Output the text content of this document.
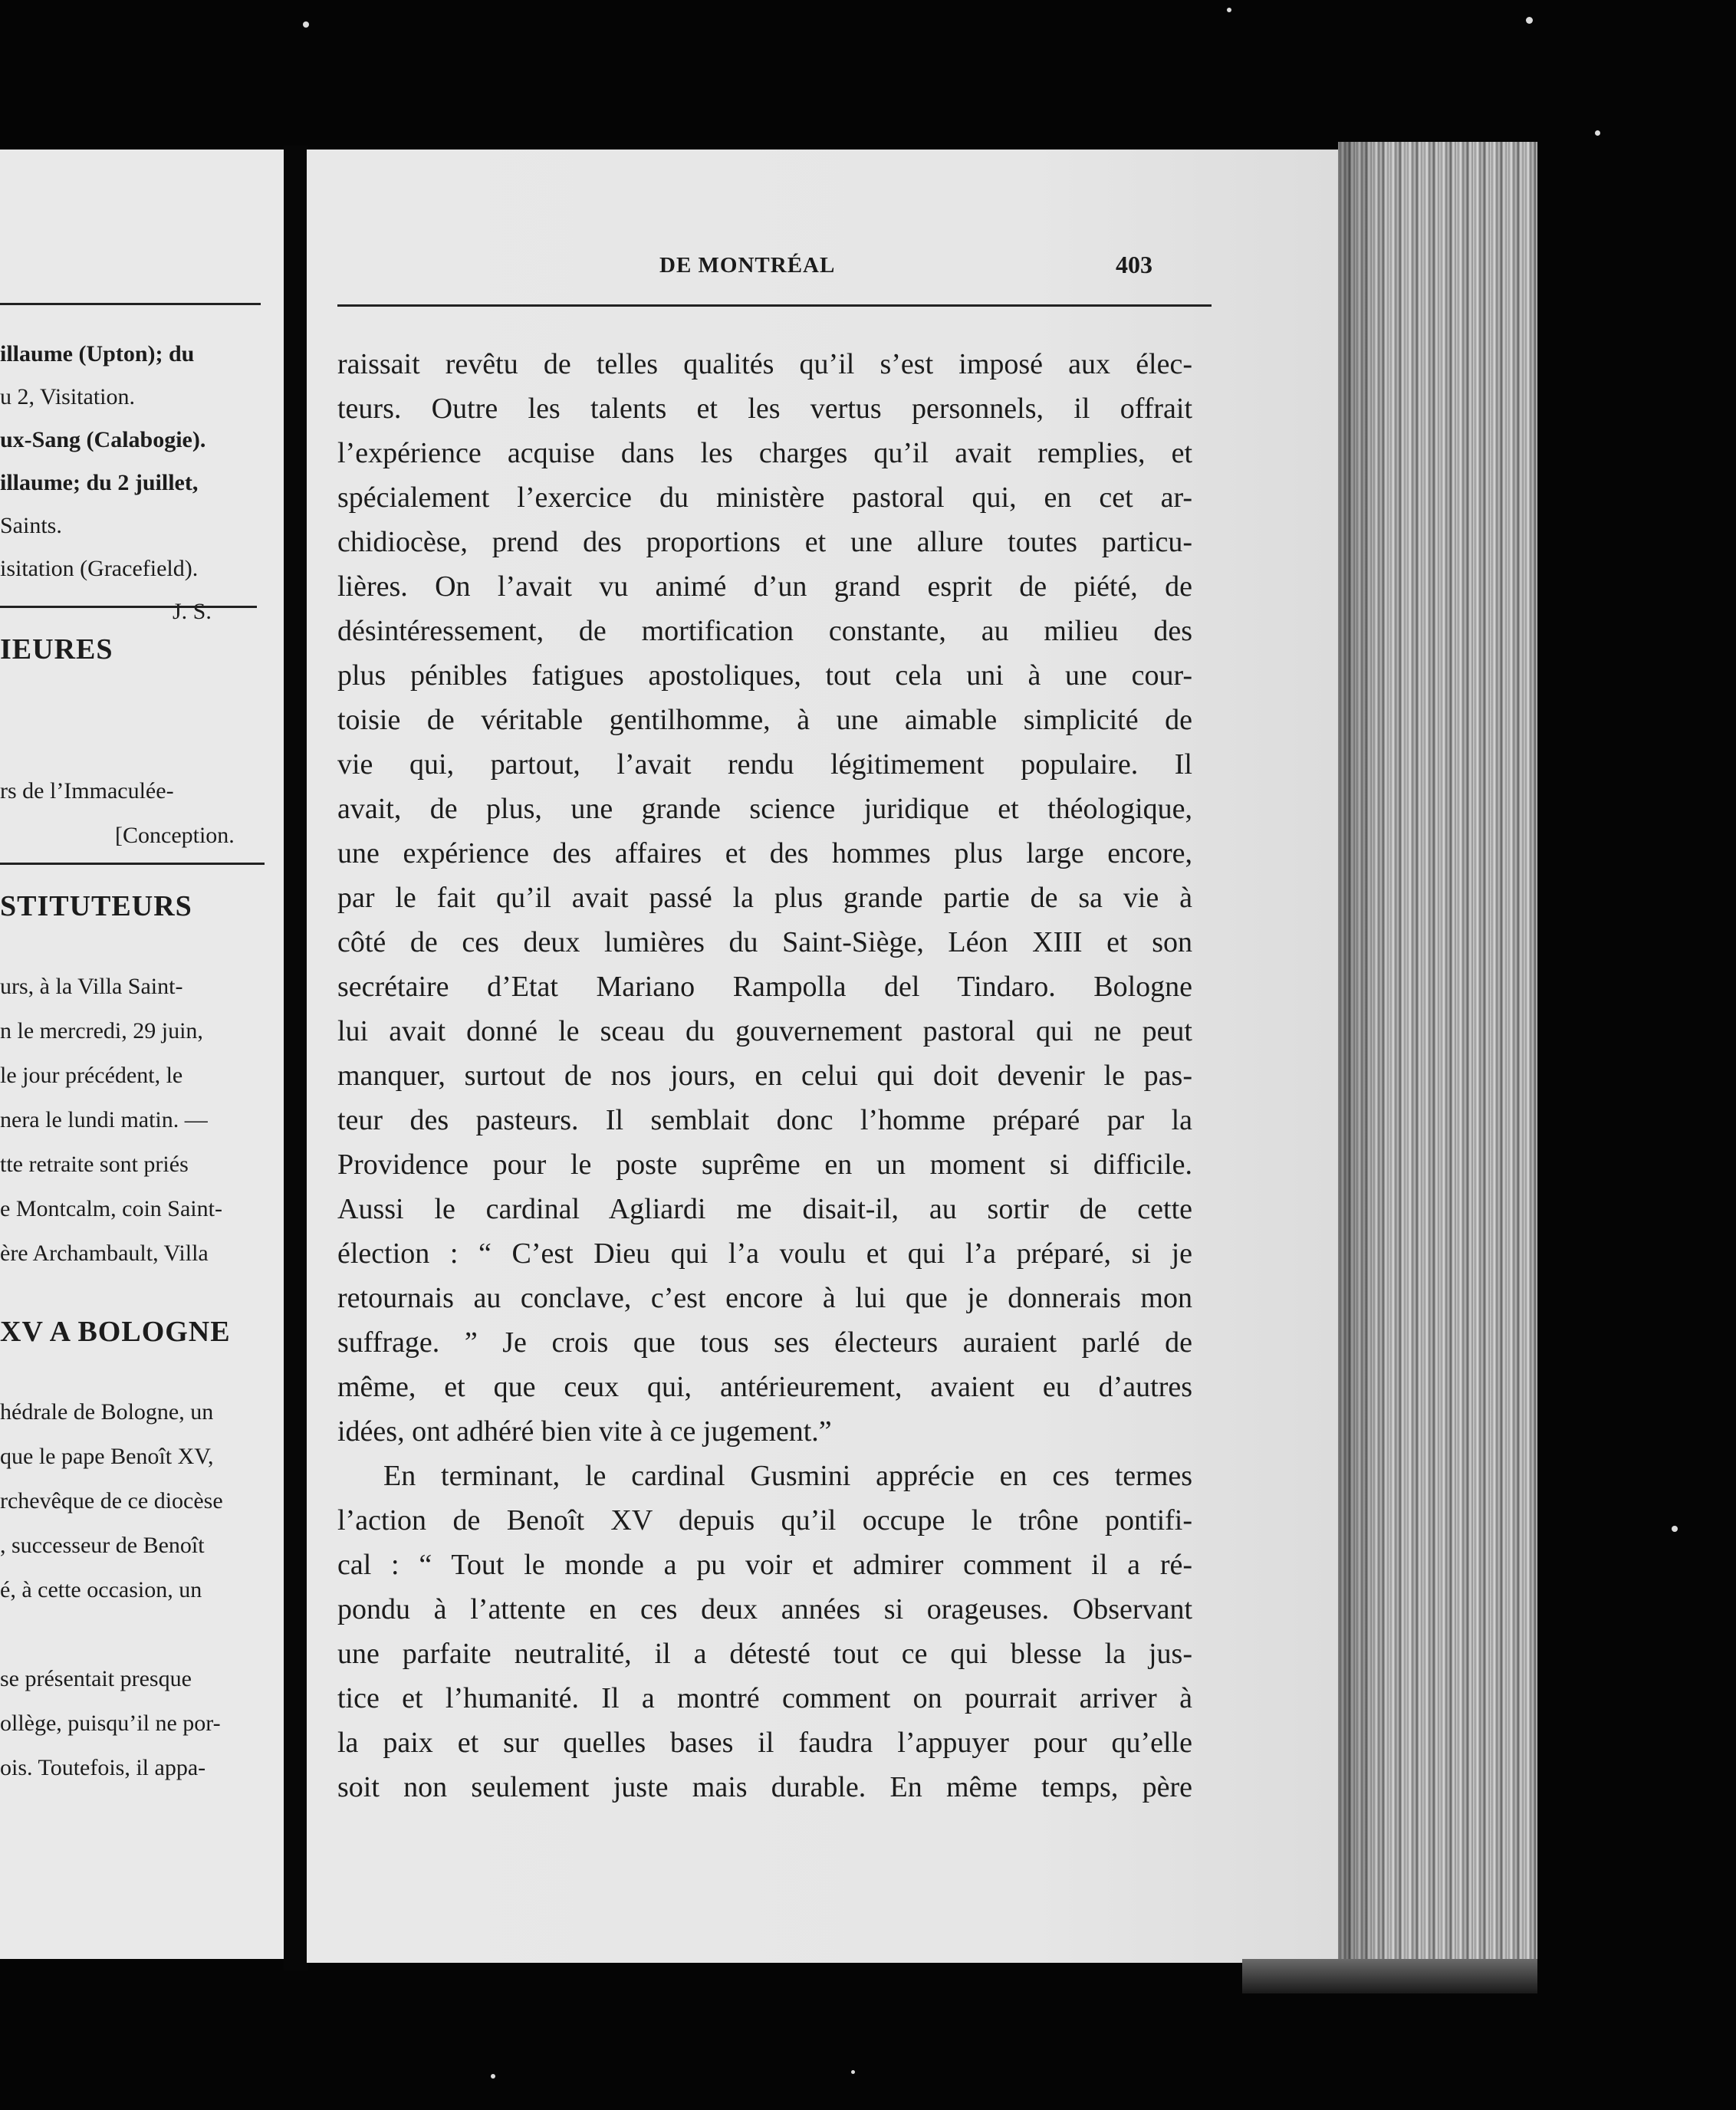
illaume (Upton); du
u 2, Visitation.
ux-Sang (Calabogie).
illaume; du 2 juillet,
Saints.
isitation (Gracefield).
J. S.
IEURES
rs de l’Immaculée-
[Conception.
STITUTEURS
urs, à la Villa Saint-
n le mercredi, 29 juin,
le jour précédent, le
nera le lundi matin. —
tte retraite sont priés
e Montcalm, coin Saint-
ère Archambault, Villa
XV A BOLOGNE
hédrale de Bologne, un
que le pape Benoît XV,
rchevêque de ce diocèse
, successeur de Benoît
é, à cette occasion, un
se présentait presque
ollège, puisqu’il ne por-
ois. Toutefois, il appa-
DE MONTRÉAL	403
raissait revêtu de telles qualités qu’il s’est imposé aux élec-
teurs. Outre les talents et les vertus personnels, il offrait
l’expérience acquise dans les charges qu’il avait remplies, et
spécialement l’exercice du ministère pastoral qui, en cet ar-
chidiocèse, prend des proportions et une allure toutes particu-
lières. On l’avait vu animé d’un grand esprit de piété, de
désintéressement, de mortification constante, au milieu des
plus pénibles fatigues apostoliques, tout cela uni à une cour-
toisie de véritable gentilhomme, à une aimable simplicité de
vie qui, partout, l’avait rendu légitimement populaire. Il
avait, de plus, une grande science juridique et théologique,
une expérience des affaires et des hommes plus large encore,
par le fait qu’il avait passé la plus grande partie de sa vie à
côté de ces deux lumières du Saint-Siège, Léon XIII et son
secrétaire d’Etat Mariano Rampolla del Tindaro. Bologne
lui avait donné le sceau du gouvernement pastoral qui ne peut
manquer, surtout de nos jours, en celui qui doit devenir le pas-
teur des pasteurs. Il semblait donc l’homme préparé par la
Providence pour le poste suprême en un moment si difficile.
Aussi le cardinal Agliardi me disait-il, au sortir de cette
élection : “ C’est Dieu qui l’a voulu et qui l’a préparé, si je
retournais au conclave, c’est encore à lui que je donnerais mon
suffrage. ” Je crois que tous ses électeurs auraient parlé de
même, et que ceux qui, antérieurement, avaient eu d’autres
idées, ont adhéré bien vite à ce jugement.”
En terminant, le cardinal Gusmini apprécie en ces termes
l’action de Benoît XV depuis qu’il occupe le trône pontifi-
cal : “ Tout le monde a pu voir et admirer comment il a ré-
pondu à l’attente en ces deux années si orageuses. Observant
une parfaite neutralité, il a détesté tout ce qui blesse la jus-
tice et l’humanité. Il a montré comment on pourrait arriver à
la paix et sur quelles bases il faudra l’appuyer pour qu’elle
soit non seulement juste mais durable. En même temps, père
